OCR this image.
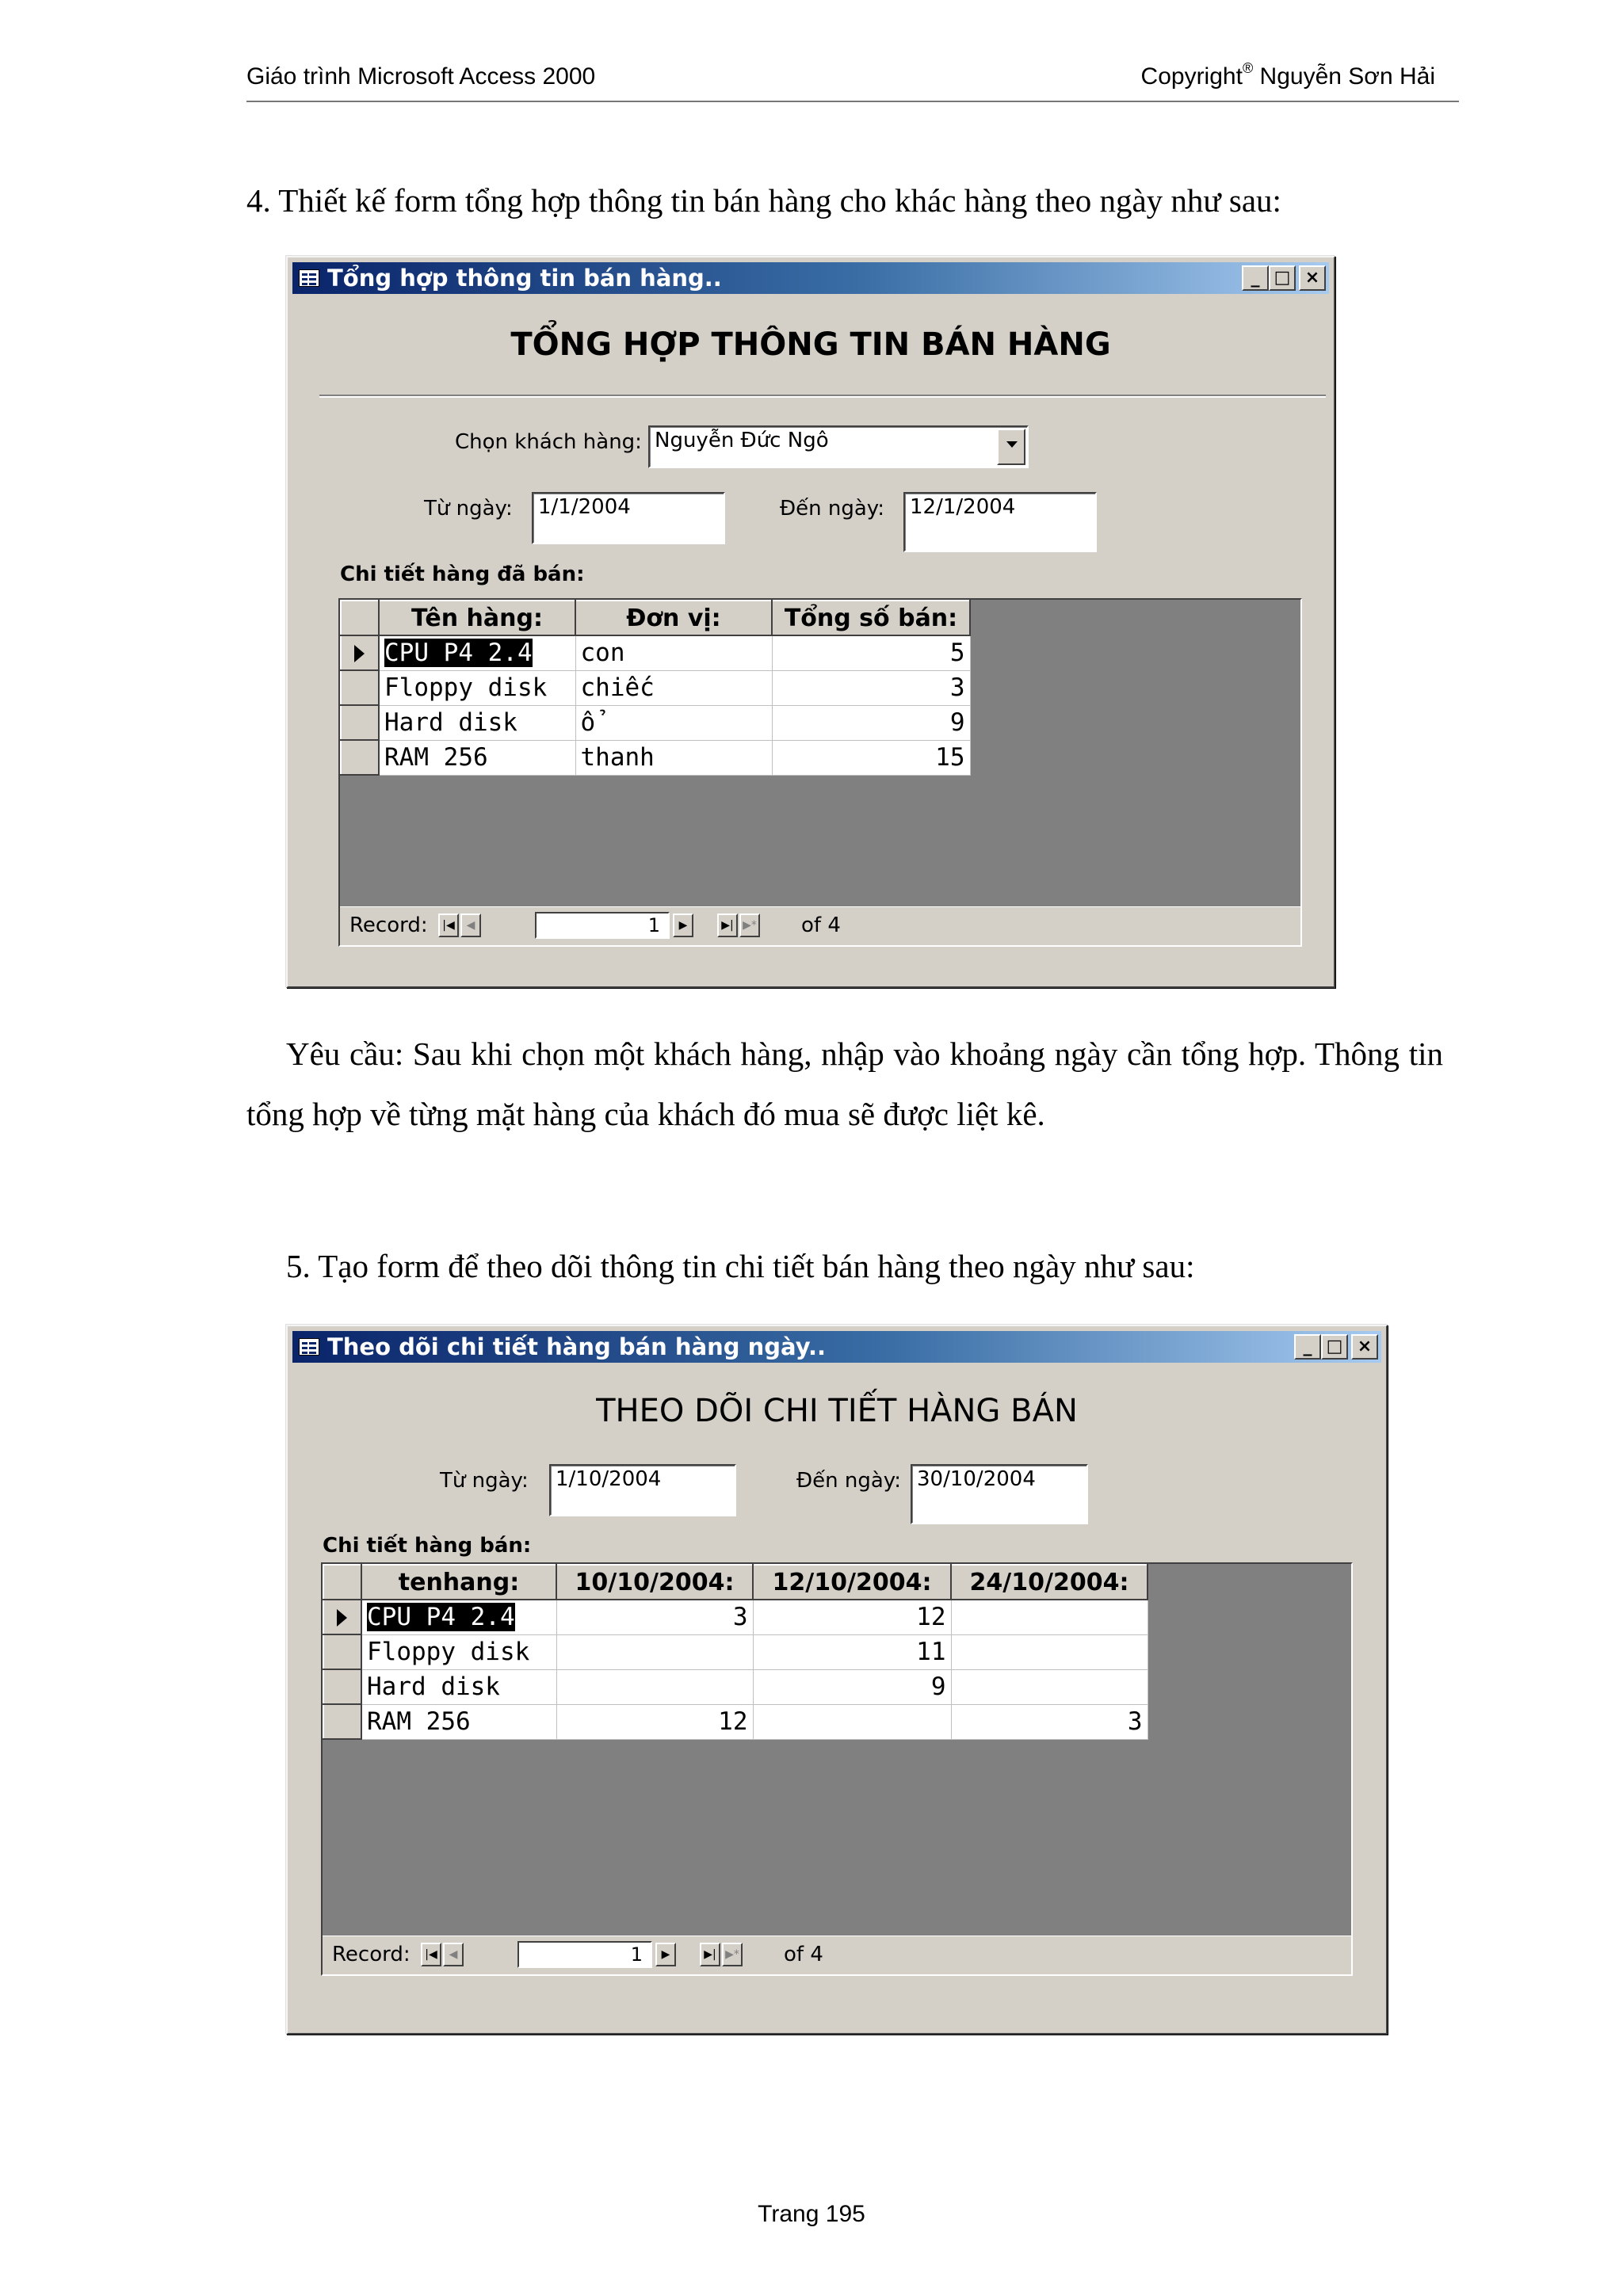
Giáo trình Microsoft Access 2000	Copyright® Nguyễn Sơn Hải
4. Thiết kế form tổng hợp thông tin bán hàng cho khác hàng theo ngày như sau:
Tổng hợp thông tin bán hàng..	_ □ ×
TỔNG HỢP THÔNG TIN BÁN HÀNG
Chọn khách hàng: Nguyễn Đức Ngô
Từ ngày:	1/1/2004	Đến ngày:	12/1/2004
Chi tiết hàng đã bán:
	Tên hàng:	Đơn vị:	Tổng số bán:

	CPU P4 2.4	con	5
	Floppy disk	chiếc	3
	Hard disk	ổ	9
	RAM 256	thanh	15
Record:	|◀	◀	1	▶	▶| ▶* of 4
Yêu cầu: Sau khi chọn một khách hàng, nhập vào khoảng ngày cần tổng hợp. Thông tin tổng hợp về từng mặt hàng của khách đó mua sẽ được liệt kê.
5. Tạo form để theo dõi thông tin chi tiết bán hàng theo ngày như sau:
Theo dõi chi tiết hàng bán hàng ngày..	_ □ ×
THEO DÕI CHI TIẾT HÀNG BÁN
Từ ngày:	1/10/2004	Đến ngày: 30/10/2004
Chi tiết hàng bán:
	tenhang:	10/10/2004:	12/10/2004:	24/10/2004:

	CPU P4 2.4	3	12	
	Floppy disk		11	
	Hard disk		9	
	RAM 256	12		3
Record:	|◀	◀	1	▶	▶| ▶* of 4
Trang 195
